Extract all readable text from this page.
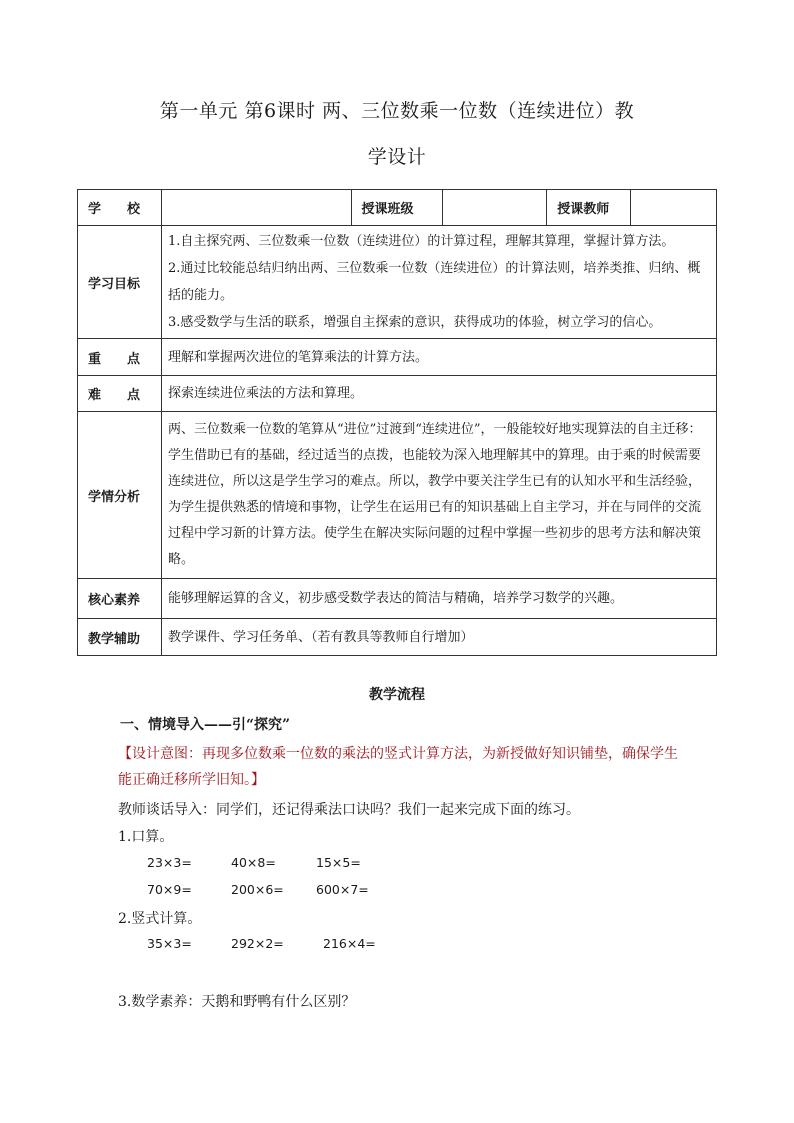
第一单元 第6课时 两、三位数乘一位数（连续进位）教
学设计
学　　校		授课班级		授课教师	
学习目标	1.自主探究两、三位数乘一位数（连续进位）的计算过程，理解其算理，掌握计算方法。
2.通过比较能总结归纳出两、三位数乘一位数（连续进位）的计算法则，培养类推、归纳、概括的能力。
3.感受数学与生活的联系，增强自主探索的意识，获得成功的体验，树立学习的信心。				

重　　点	理解和掌握两次进位的笔算乘法的计算方法。				
难　　点	探索连续进位乘法的方法和算理。				
学情分析	两、三位数乘一位数的笔算从“进位”过渡到“连续进位”，一般能较好地实现算法的自主迁移：学生借助已有的基础，经过适当的点拨，也能较为深入地理解其中的算理。由于乘的时候需要连续进位，所以这是学生学习的难点。所以，教学中要关注学生已有的认知水平和生活经验，为学生提供熟悉的情境和事物，让学生在运用已有的知识基础上自主学习，并在与同伴的交流过程中学习新的计算方法。使学生在解决实际问题的过程中掌握一些初步的思考方法和解决策略。				
核心素养	能够理解运算的含义，初步感受数学表达的简洁与精确，培养学习数学的兴趣。				
教学辅助	教学课件、学习任务单、（若有教具等教师自行增加）				
教学流程
一、情境导入——引“探究”
【设计意图：再现多位数乘一位数的乘法的竖式计算方法，为新授做好知识铺垫，确保学生能正确迁移所学旧知。】
教师谈话导入：同学们，还记得乘法口诀吗？我们一起来完成下面的练习。
1.口算。
23×3=	40×8=	15×5=
70×9=	200×6=	600×7=
2.竖式计算。
35×3=	292×2=	216×4=
3.数学素养：天鹅和野鸭有什么区别？
